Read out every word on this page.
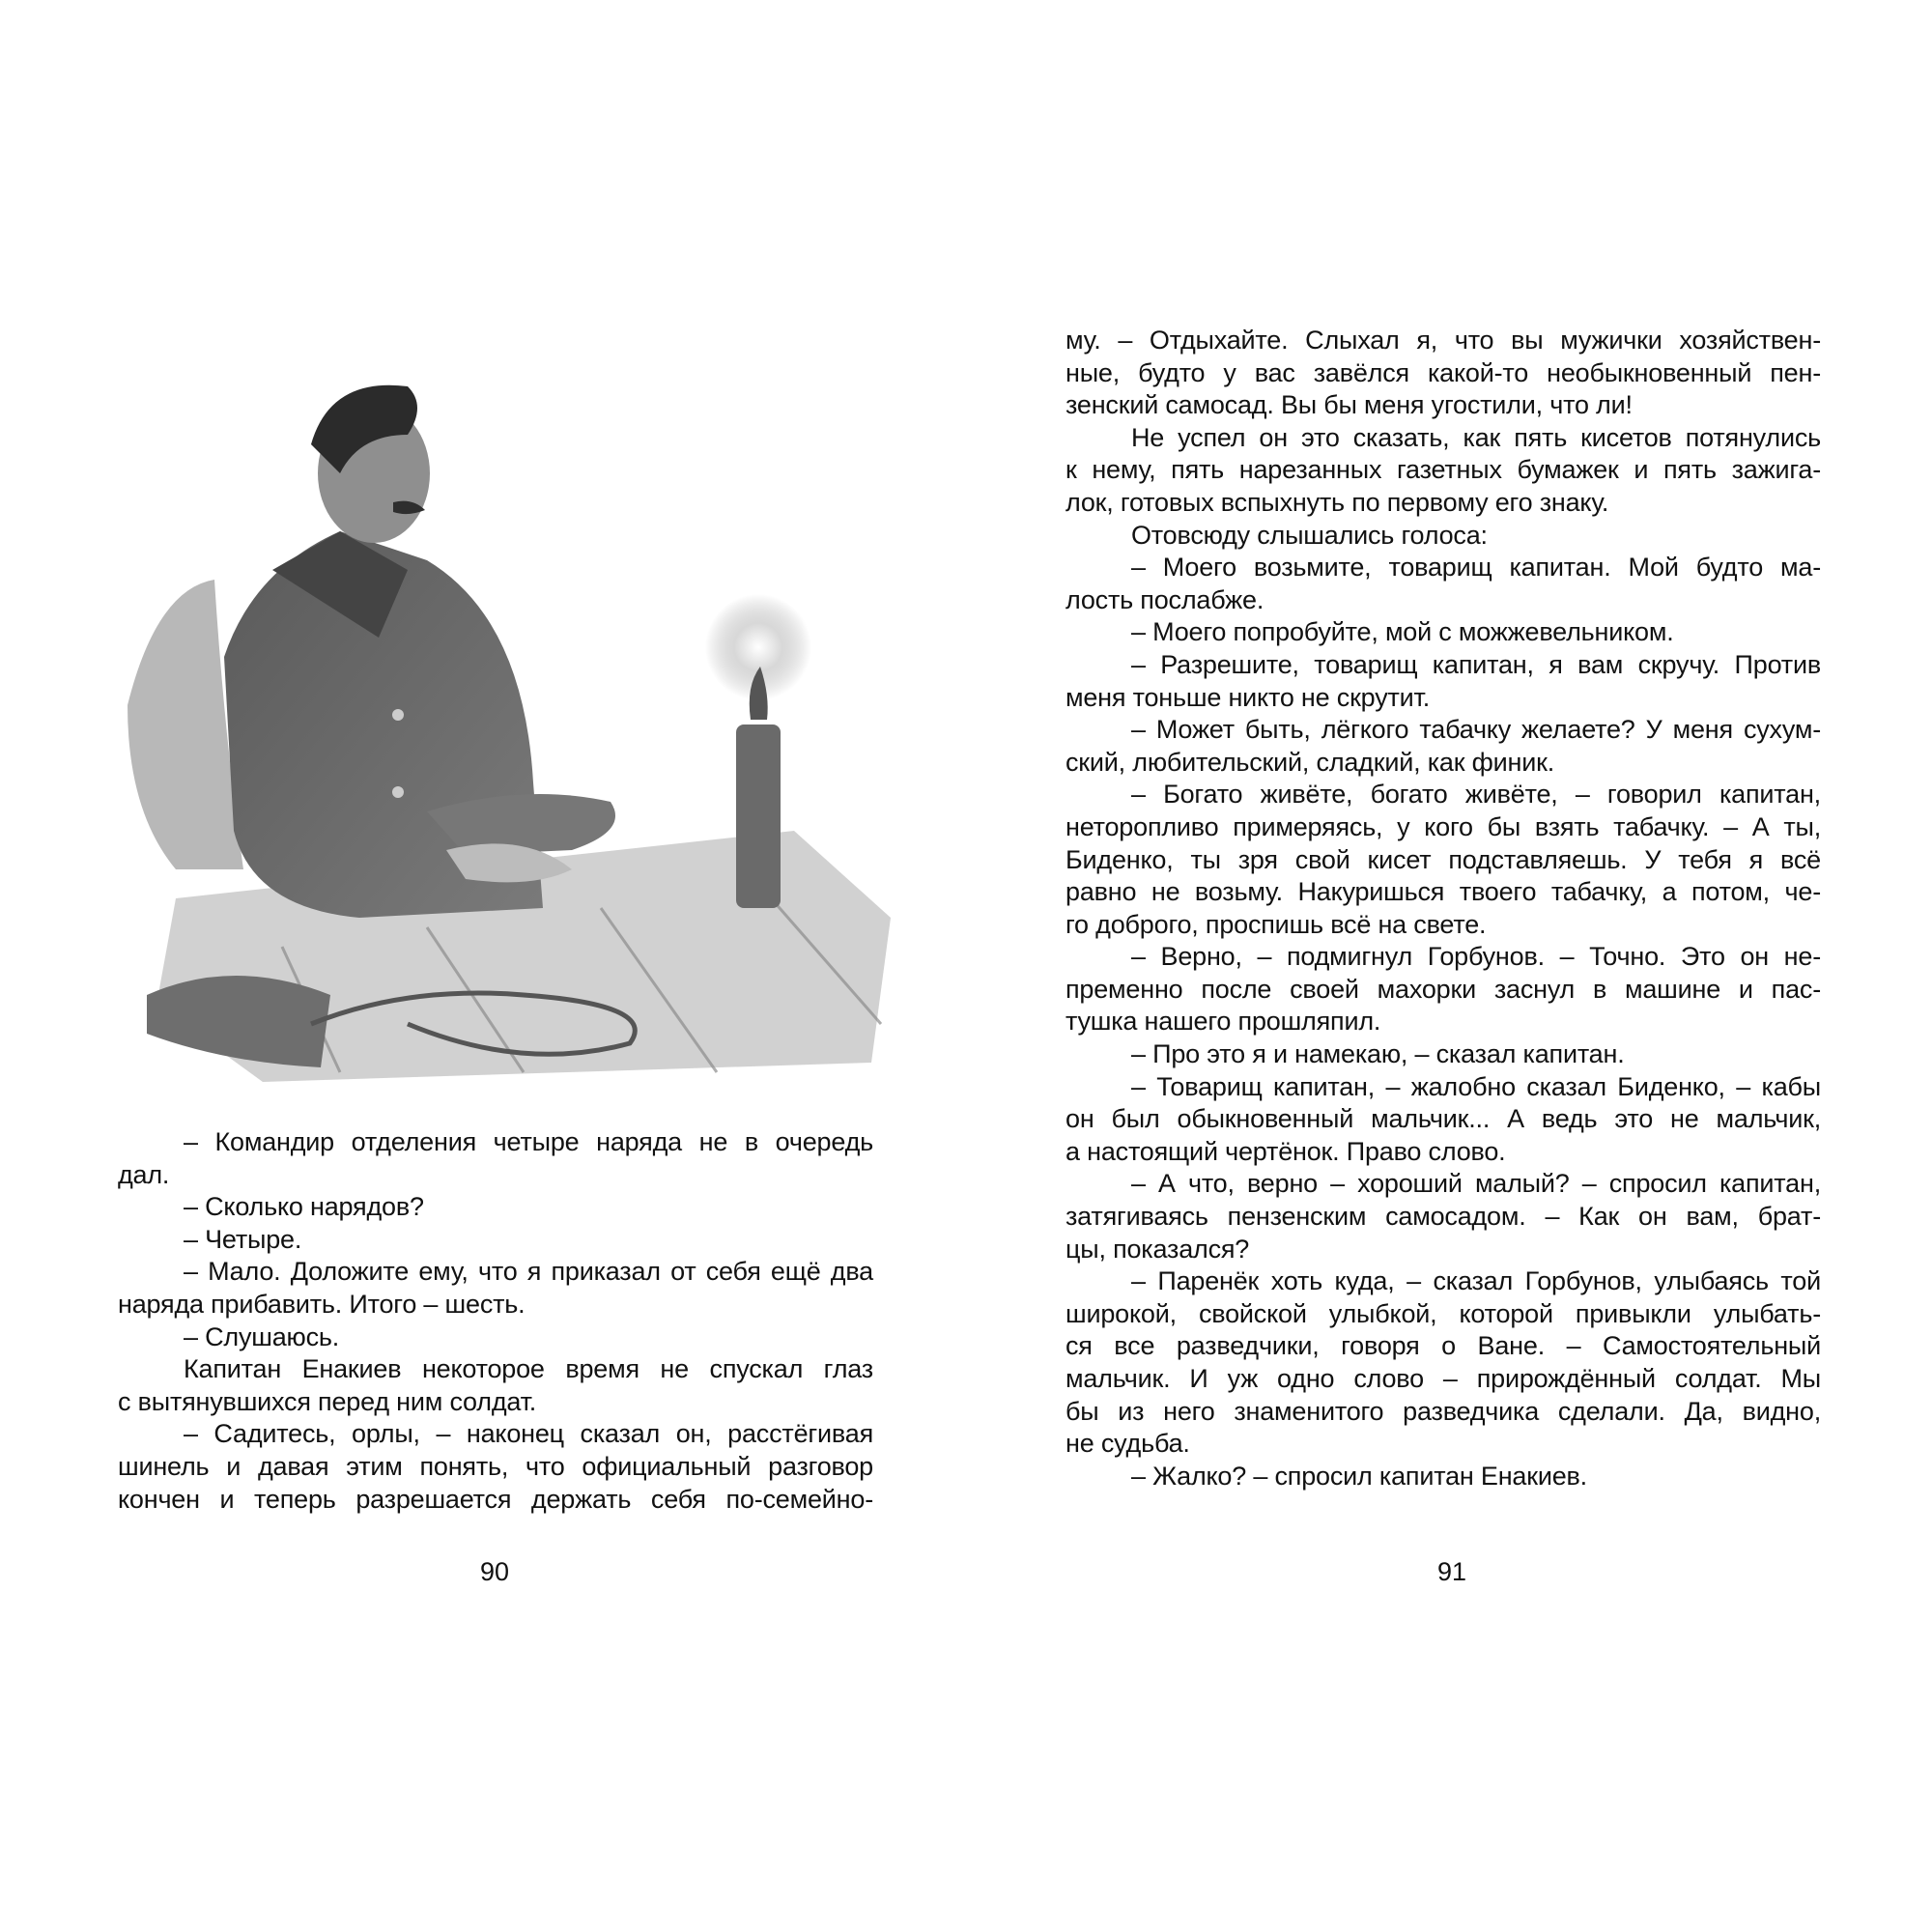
– Командир отделения четыре наряда не в очередь
дал.
– Сколько нарядов?
– Четыре.
– Мало. Доложите ему, что я приказал от себя ещё два
наряда прибавить. Итого – шесть.
– Слушаюсь.
Капитан Енакиев некоторое время не спускал глаз
с вытянувшихся перед ним солдат.
– Садитесь, орлы, – наконец сказал он, расстёгивая
шинель и давая этим понять, что официальный разговор
кончен и теперь разрешается держать себя по-семейно-
90
му. – Отдыхайте. Слыхал я, что вы мужички хозяйствен-
ные, будто у вас завёлся какой-то необыкновенный пен-
зенский самосад. Вы бы меня угостили, что ли!
Не успел он это сказать, как пять кисетов потянулись
к нему, пять нарезанных газетных бумажек и пять зажига-
лок, готовых вспыхнуть по первому его знаку.
Отовсюду слышались голоса:
– Моего возьмите, товарищ капитан. Мой будто ма-
лость послабже.
– Моего попробуйте, мой с можжевельником.
– Разрешите, товарищ капитан, я вам скручу. Против
меня тоньше никто не скрутит.
– Может быть, лёгкого табачку желаете? У меня сухум-
ский, любительский, сладкий, как финик.
– Богато живёте, богато живёте, – говорил капитан,
неторопливо примеряясь, у кого бы взять табачку. – А ты,
Биденко, ты зря свой кисет подставляешь. У тебя я всё
равно не возьму. Накуришься твоего табачку, а потом, че-
го доброго, проспишь всё на свете.
– Верно, – подмигнул Горбунов. – Точно. Это он не-
пременно после своей махорки заснул в машине и пас-
тушка нашего прошляпил.
– Про это я и намекаю, – сказал капитан.
– Товарищ капитан, – жалобно сказал Биденко, – кабы
он был обыкновенный мальчик... А ведь это не мальчик,
а настоящий чертёнок. Право слово.
– А что, верно – хороший малый? – спросил капитан,
затягиваясь пензенским самосадом. – Как он вам, брат-
цы, показался?
– Паренёк хоть куда, – сказал Горбунов, улыбаясь той
широкой, свойской улыбкой, которой привыкли улыбать-
ся все разведчики, говоря о Ване. – Самостоятельный
мальчик. И уж одно слово – прирождённый солдат. Мы
бы из него знаменитого разведчика сделали. Да, видно,
не судьба.
– Жалко? – спросил капитан Енакиев.
91
